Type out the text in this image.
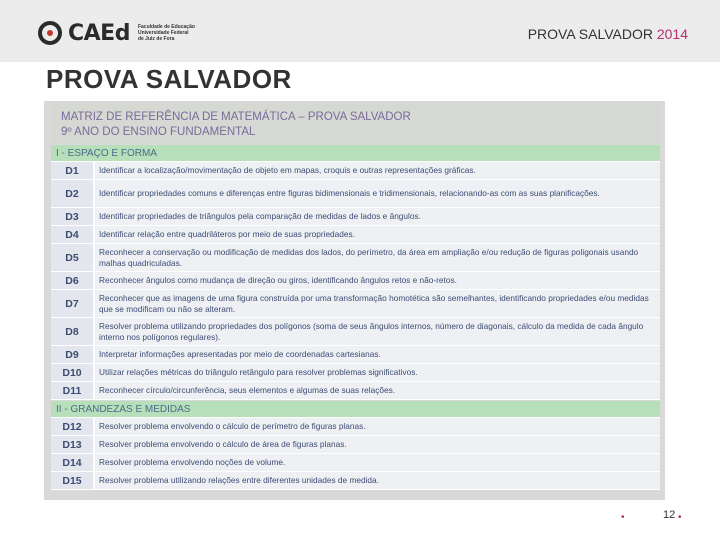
CAEd Faculdade de Educação
Universidade Federal
de Juiz de Fora	PROVA SALVADOR 2014
PROVA SALVADOR
MATRIZ DE REFERÊNCIA DE MATEMÁTICA – PROVA SALVADOR
9º ANO DO ENSINO FUNDAMENTAL
I - ESPAÇO E FORMA
D1	Identificar a localização/movimentação de objeto em mapas, croquis e outras representações gráficas.
D2	Identificar propriedades comuns e diferenças entre figuras bidimensionais e tridimensionais, relacionando-as com as suas planificações.
D3	Identificar propriedades de triângulos pela comparação de medidas de lados e ângulos.
D4	Identificar relação entre quadriláteros por meio de suas propriedades.
D5	Reconhecer a conservação ou modificação de medidas dos lados, do perímetro, da área em ampliação e/ou redução de figuras poligonais usando malhas quadriculadas.
D6	Reconhecer ângulos como mudança de direção ou giros, identificando ângulos retos e não-retos.
D7	Reconhecer que as imagens de uma figura construída por uma transformação homotética são semelhantes, identificando propriedades e/ou medidas que se modificam ou não se alteram.
D8	Resolver problema utilizando propriedades dos polígonos (soma de seus ângulos internos, número de diagonais, cálculo da medida de cada ângulo interno nos polígonos regulares).
D9	Interpretar informações apresentadas por meio de coordenadas cartesianas.
D10	Utilizar relações métricas do triângulo retângulo para resolver problemas significativos.
D11	Reconhecer círculo/circunferência, seus elementos e algumas de suas relações.
II - GRANDEZAS E MEDIDAS
D12	Resolver problema envolvendo o cálculo de perímetro de figuras planas.
D13	Resolver problema envolvendo o cálculo de área de figuras planas.
D14	Resolver problema envolvendo noções de volume.
D15	Resolver problema utilizando relações entre diferentes unidades de medida.
•	12 •
